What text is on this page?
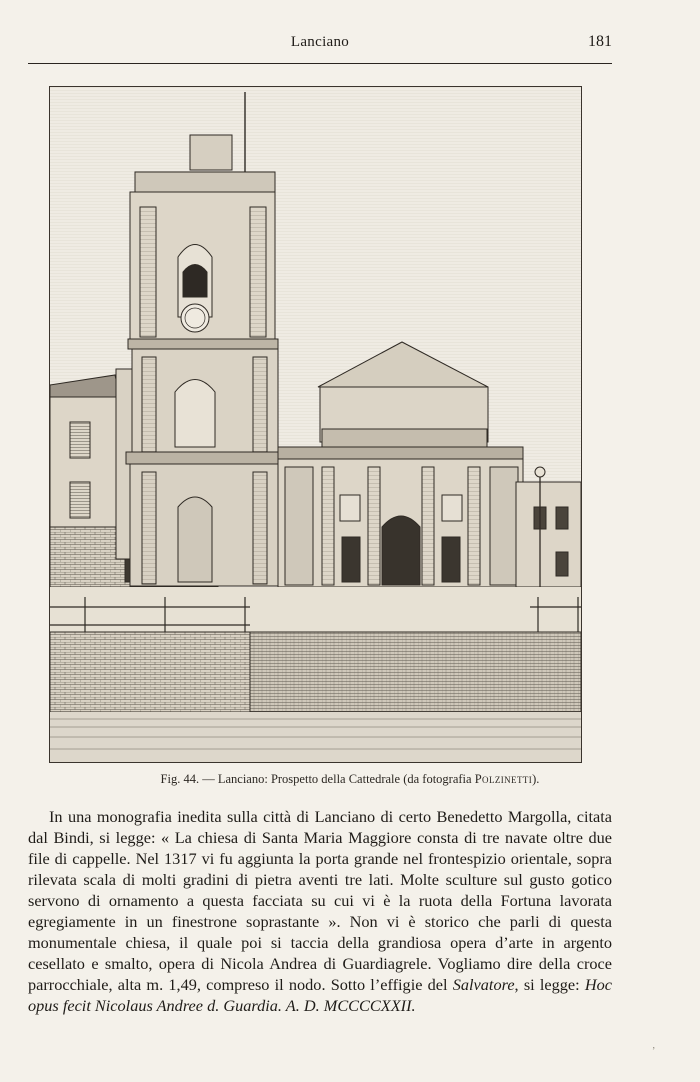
Lanciano	181
Fig. 44. — Lanciano: Prospetto della Cattedrale (da fotografia Polzinetti).

In una monografia inedita sulla città di Lanciano di certo Benedetto Margolla, citata dal Bindi, si legge: « La chiesa di Santa Maria Maggiore consta di tre navate oltre due file di cappelle. Nel 1317 vi fu aggiunta la porta grande nel frontespizio orientale, sopra rilevata scala di molti gradini di pietra aventi tre lati. Molte sculture sul gusto gotico servono di ornamento a questa facciata su cui vi è la ruota della Fortuna lavorata egregiamente in un finestrone soprastante ». Non vi è storico che parli di questa monumentale chiesa, il quale poi si taccia della grandiosa opera d’arte in argento cesellato e smalto, opera di Nicola Andrea di Guardiagrele. Vogliamo dire della croce parrocchiale, alta m. 1,49, compreso il nodo. Sotto l’effigie del Salvatore, si legge: Hoc opus fecit Nicolaus Andree d. Guardia. A. D. MCCCCXXII.

’
